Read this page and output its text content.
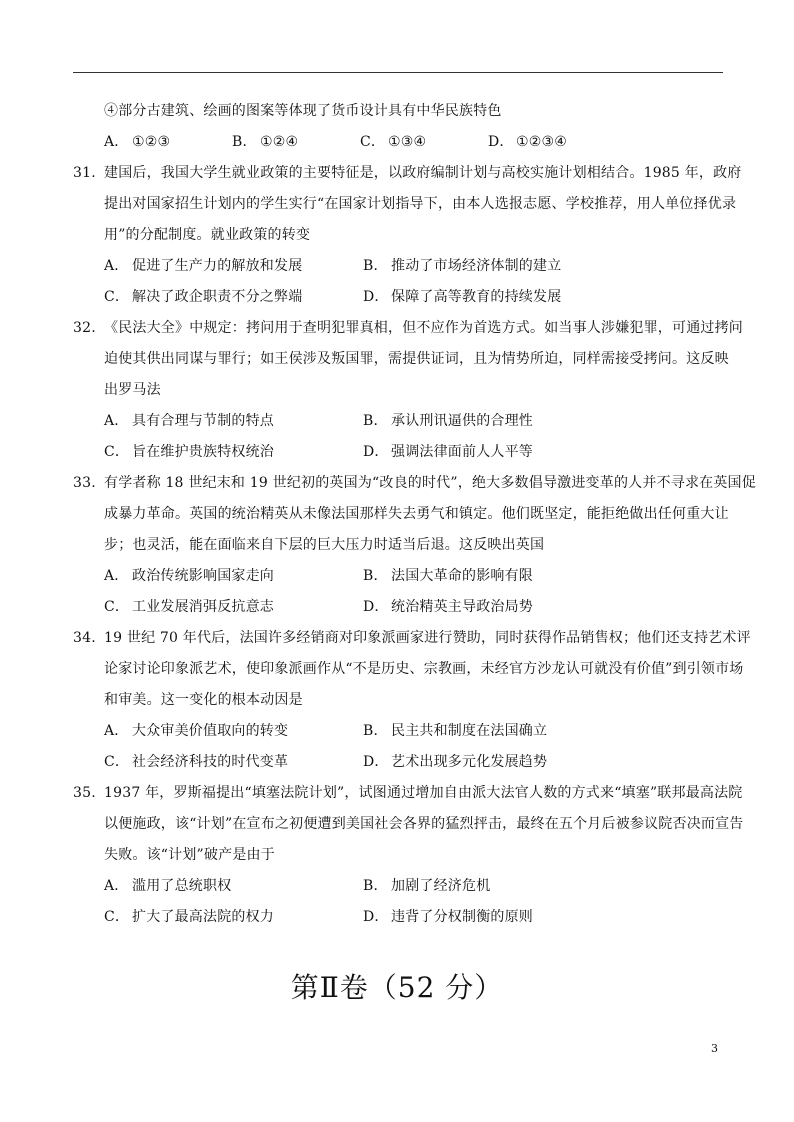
④部分古建筑、绘画的图案等体现了货币设计具有中华民族特色
A． ①②③	B． ①②④	C． ①③④	D． ①②③④
31. 建国后，我国大学生就业政策的主要特征是，以政府编制计划与高校实施计划相结合。1985 年，政府
提出对国家招生计划内的学生实行“在国家计划指导下，由本人选报志愿、学校推荐，用人单位择优录
用”的分配制度。就业政策的转变
A． 促进了生产力的解放和发展	B． 推动了市场经济体制的建立
C． 解决了政企职责不分之弊端	D． 保障了高等教育的持续发展
32. 《民法大全》中规定：拷问用于查明犯罪真相，但不应作为首选方式。如当事人涉嫌犯罪，可通过拷问
迫使其供出同谋与罪行；如王侯涉及叛国罪，需提供证词，且为情势所迫，同样需接受拷问。这反映
出罗马法
A． 具有合理与节制的特点	B． 承认刑讯逼供的合理性
C． 旨在维护贵族特权统治	D． 强调法律面前人人平等
33. 有学者称 18 世纪末和 19 世纪初的英国为“改良的时代”，绝大多数倡导激进变革的人并不寻求在英国促
成暴力革命。英国的统治精英从未像法国那样失去勇气和镇定。他们既坚定，能拒绝做出任何重大让
步；也灵活，能在面临来自下层的巨大压力时适当后退。这反映出英国
A． 政治传统影响国家走向	B． 法国大革命的影响有限
C． 工业发展消弭反抗意志	D． 统治精英主导政治局势
34. 19 世纪 70 年代后，法国许多经销商对印象派画家进行赞助，同时获得作品销售权；他们还支持艺术评
论家讨论印象派艺术，使印象派画作从“不是历史、宗教画，未经官方沙龙认可就没有价值”到引领市场
和审美。这一变化的根本动因是
A． 大众审美价值取向的转变	B． 民主共和制度在法国确立
C． 社会经济科技的时代变革	D． 艺术出现多元化发展趋势
35. 1937 年，罗斯福提出“填塞法院计划”，试图通过增加自由派大法官人数的方式来“填塞”联邦最高法院
以便施政，该“计划”在宣布之初便遭到美国社会各界的猛烈抨击，最终在五个月后被参议院否决而宣告
失败。该“计划”破产是由于
A． 滥用了总统职权	B． 加剧了经济危机
C． 扩大了最高法院的权力	D． 违背了分权制衡的原则
第Ⅱ卷（52 分）
3
